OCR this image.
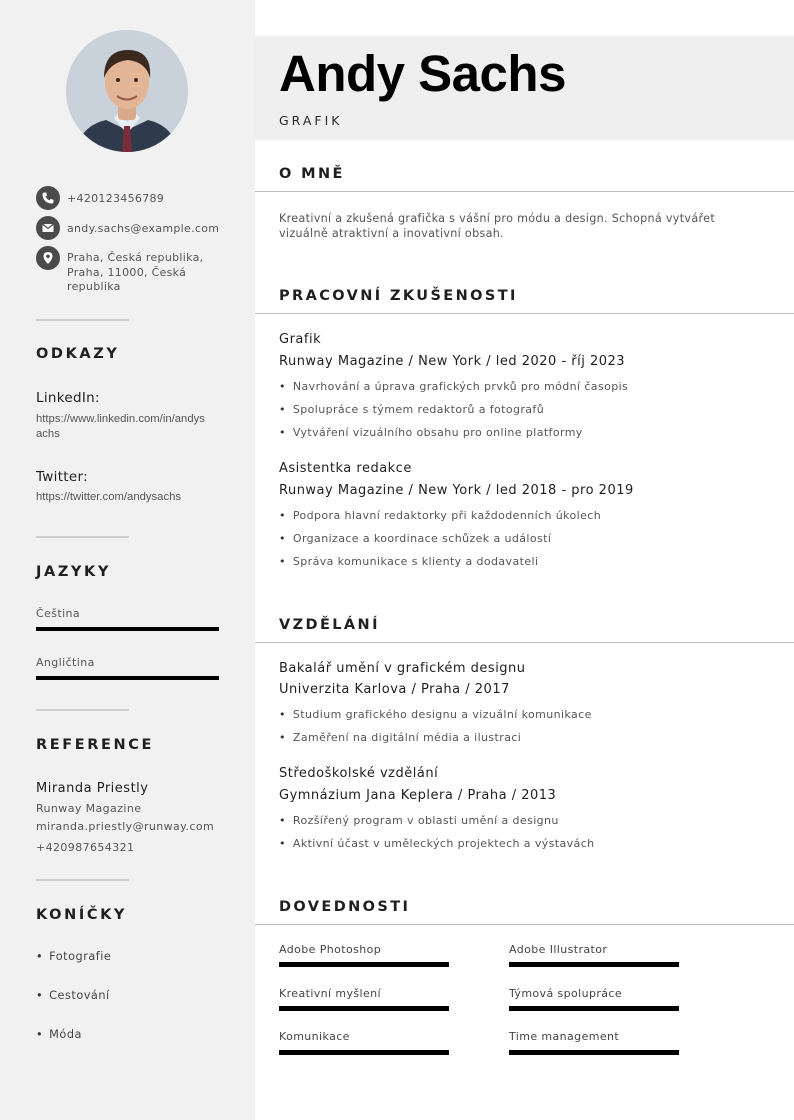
+420123456789
andy.sachs@example.com
Praha, Česká republika,
Praha, 11000, Česká
republika
ODKAZY
LinkedIn:
https://www.linkedin.com/in/andys
achs
Twitter:
https://twitter.com/andysachs
JAZYKY
Čeština
Angličtina
REFERENCE
Miranda Priestly
Runway Magazine
miranda.priestly@runway.com
+420987654321
KONÍČKY
• Fotografie
• Cestování
• Móda
Andy Sachs
GRAFIK
O MNĚ
Kreativní a zkušená grafička s vášní pro módu a design. Schopná vytvářet
vizuálně atraktivní a inovativní obsah.
PRACOVNÍ ZKUŠENOSTI
Grafik
Runway Magazine / New York / led 2020 - říj 2023
• Navrhování a úprava grafických prvků pro módní časopis
• Spolupráce s týmem redaktorů a fotografů
• Vytváření vizuálního obsahu pro online platformy
Asistentka redakce
Runway Magazine / New York / led 2018 - pro 2019
• Podpora hlavní redaktorky při každodenních úkolech
• Organizace a koordinace schůzek a událostí
• Správa komunikace s klienty a dodavateli
VZDĚLÁNÍ
Bakalář umění v grafickém designu
Univerzita Karlova / Praha / 2017
• Studium grafického designu a vizuální komunikace
• Zaměření na digitální média a ilustraci
Středoškolské vzdělání
Gymnázium Jana Keplera / Praha / 2013
• Rozšířený program v oblasti umění a designu
• Aktivní účast v uměleckých projektech a výstavách
DOVEDNOSTI
Adobe Photoshop	Adobe Illustrator
Kreativní myšlení	Týmová spolupráce
Komunikace	Time management
